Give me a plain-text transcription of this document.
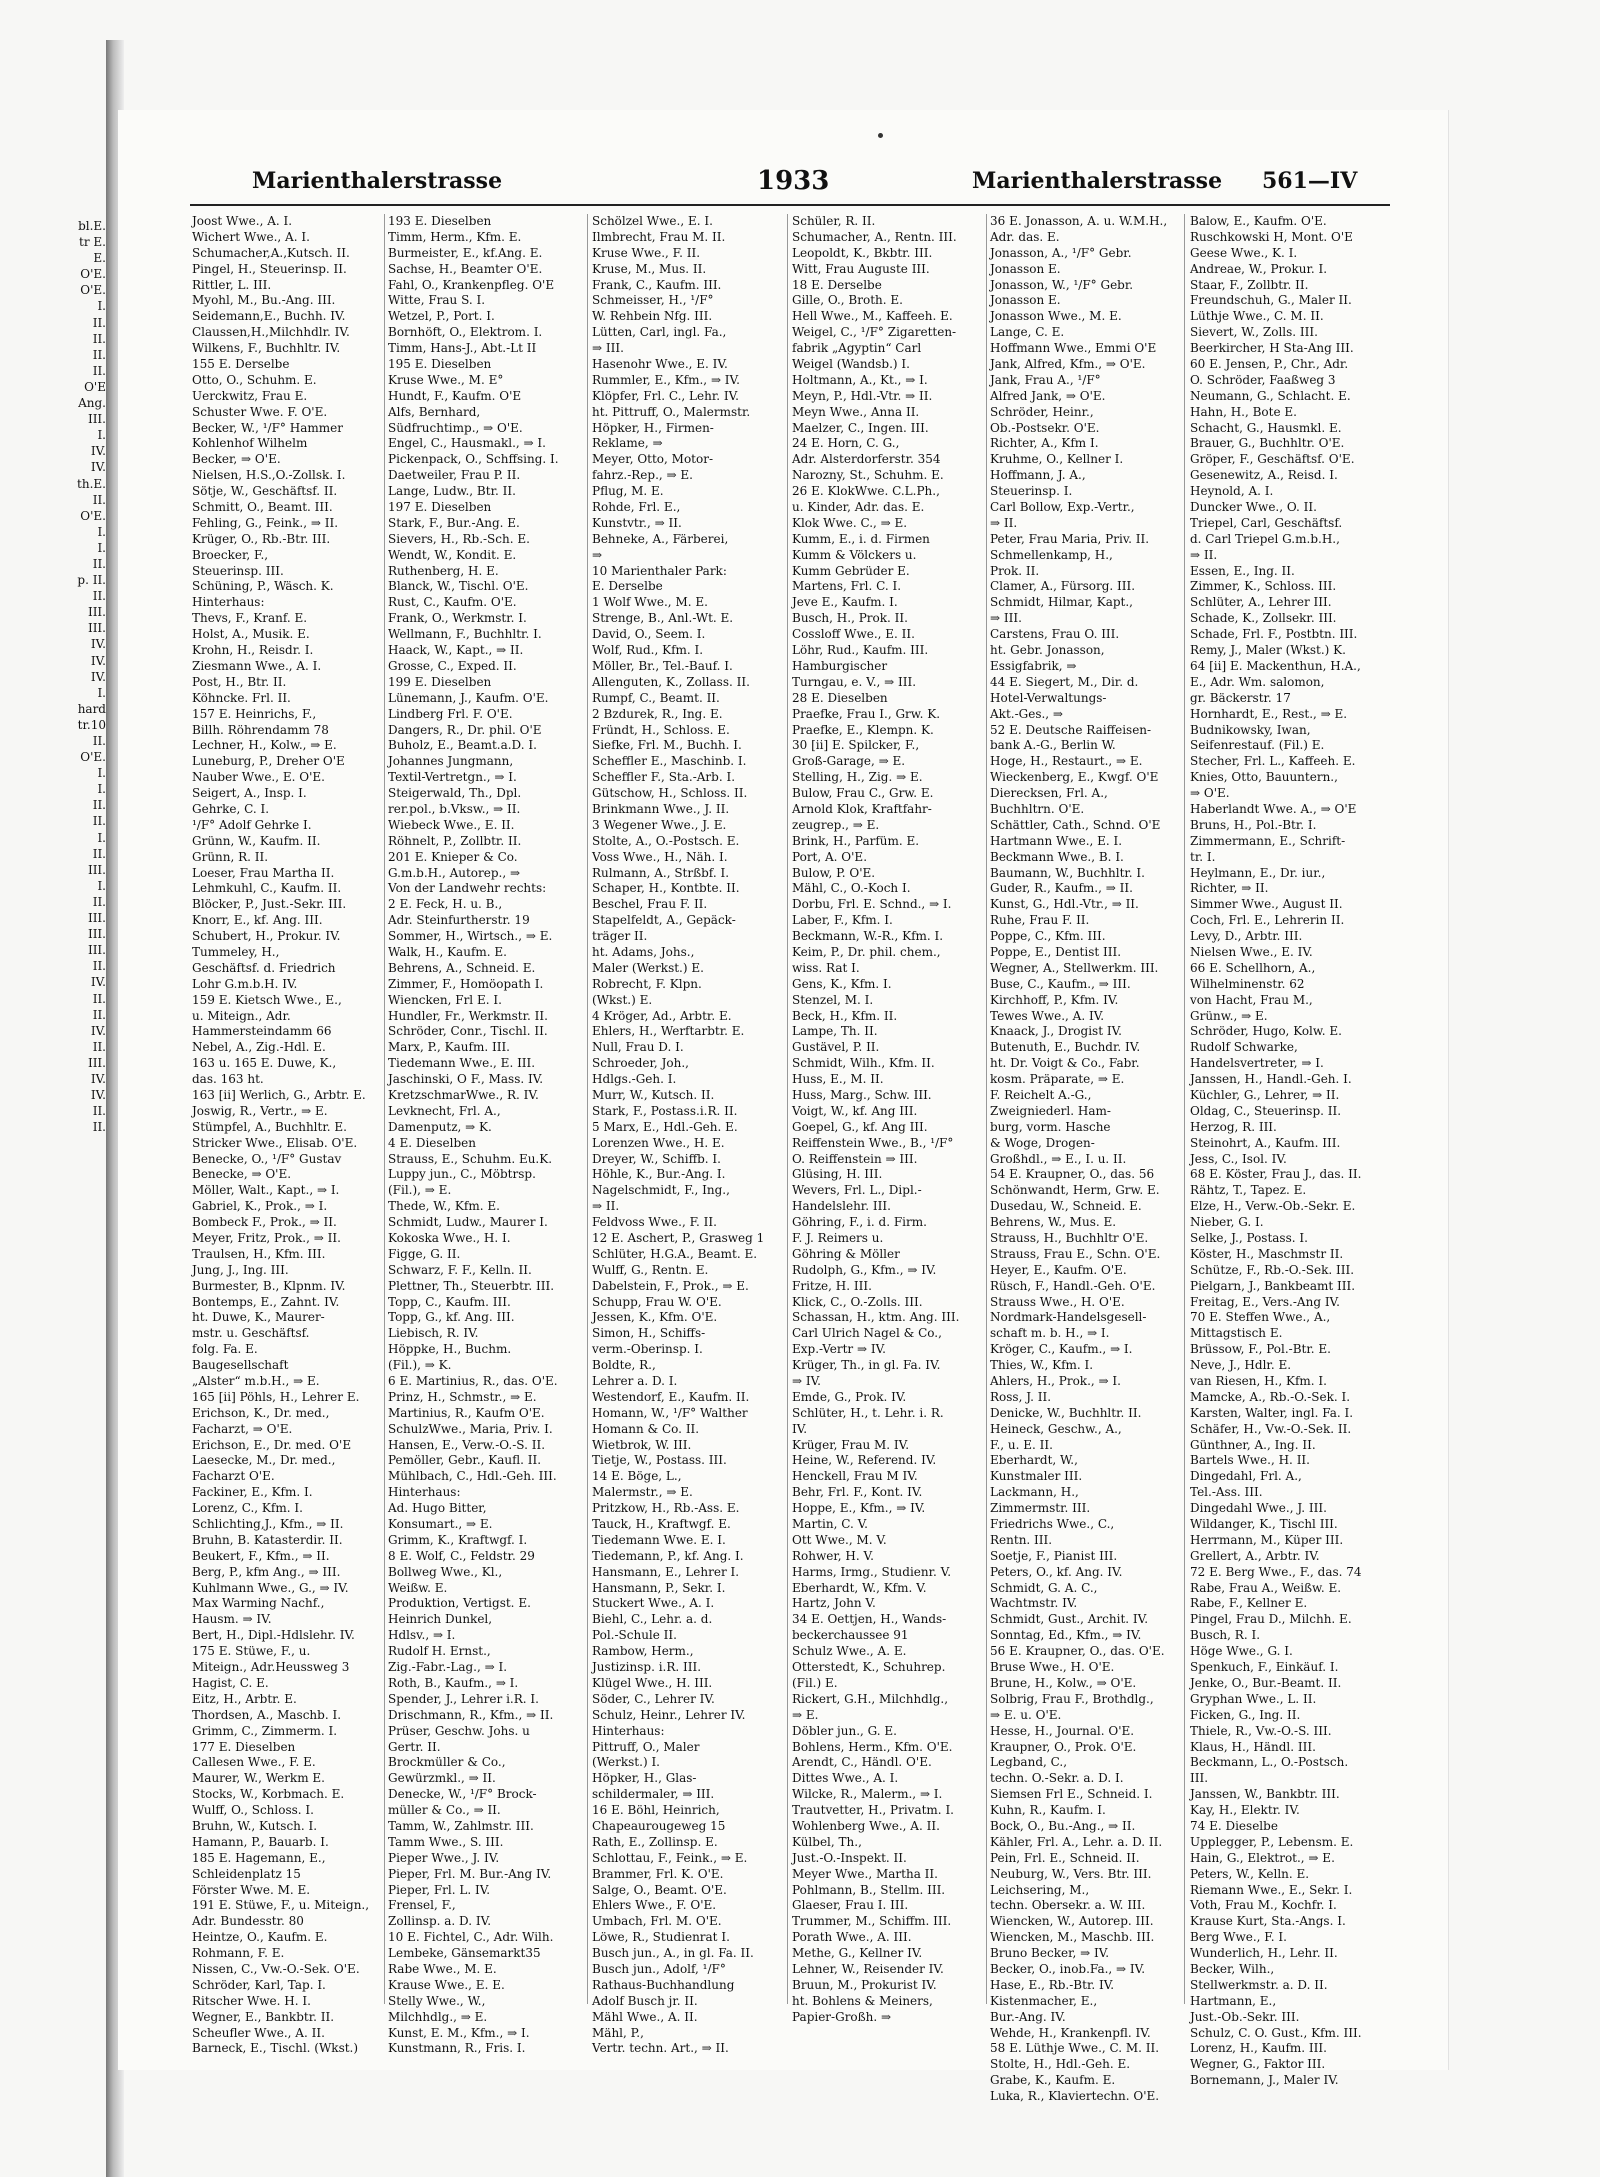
bl.E.
tr E.
E.
O'E.
O'E.
I.
II.
II.
II.
II.
O'E
Ang.
III.
I.
IV.
IV.
th.E.
II.
O'E.
I.
I.
II.
p. II.
II.
III.
III.
IV.
IV.
IV.
I.
hard
tr.10
II.
O'E.
I.
I.
II.
II.
I.
II.
III.
I.
II.
III.
III.
III.
II.
IV.
II.
II.
IV.
II.
III.
IV.
IV.
II.
II.
Marienthalerstrasse	1933	Marienthalerstrasse 561—IV
Joost Wwe., A. I.
Wichert Wwe., A. I.
Schumacher,A.,Kutsch. II.
Pingel, H., Steuerinsp. II.
Rittler, L. III.
Myohl, M., Bu.-Ang. III.
Seidemann,E., Buchh. IV.
Claussen,H.,Milchhdlr. IV.
Wilkens, F., Buchhltr. IV.
155 E. Derselbe
Otto, O., Schuhm. E.
Uerckwitz, Frau E.
Schuster Wwe. F. O'E.
Becker, W., ¹/F° Hammer
Kohlenhof Wilhelm
Becker, ⇒ O'E.
Nielsen, H.S.,O.-Zollsk. I.
Sötje, W., Geschäftsf. II.
Schmitt, O., Beamt. III.
Fehling, G., Feink., ⇒ II.
Krüger, O., Rb.-Btr. III.
Broecker, F.,
Steuerinsp. III.
Schüning, P., Wäsch. K.
Hinterhaus:
Thevs, F., Kranf. E.
Holst, A., Musik. E.
Krohn, H., Reisdr. I.
Ziesmann Wwe., A. I.
Post, H., Btr. II.
Köhncke. Frl. II.
157 E. Heinrichs, F.,
Billh. Röhrendamm 78
Lechner, H., Kolw., ⇒ E.
Luneburg, P., Dreher O'E
Nauber Wwe., E. O'E.
Seigert, A., Insp. I.
Gehrke, C. I.
¹/F° Adolf Gehrke I.
Grünn, W., Kaufm. II.
Grünn, R. II.
Loeser, Frau Martha II.
Lehmkuhl, C., Kaufm. II.
Blöcker, P., Just.-Sekr. III.
Knorr, E., kf. Ang. III.
Schubert, H., Prokur. IV.
Tummeley, H.,
Geschäftsf. d. Friedrich
Lohr G.m.b.H. IV.
159 E. Kietsch Wwe., E.,
u. Miteign., Adr.
Hammersteindamm 66
Nebel, A., Zig.-Hdl. E.
163 u. 165 E. Duwe, K.,
das. 163 ht.
163 [ii] Werlich, G., Arbtr. E.
Joswig, R., Vertr., ⇒ E.
Stümpfel, A., Buchhltr. E.
Stricker Wwe., Elisab. O'E.
Benecke, O., ¹/F° Gustav
Benecke, ⇒ O'E.
Möller, Walt., Kapt., ⇒ I.
Gabriel, K., Prok., ⇒ I.
Bombeck F., Prok., ⇒ II.
Meyer, Fritz, Prok., ⇒ II.
Traulsen, H., Kfm. III.
Jung, J., Ing. III.
Burmester, B., Klpnm. IV.
Bontemps, E., Zahnt. IV.
ht. Duwe, K., Maurer-
mstr. u. Geschäftsf.
folg. Fa. E.
Baugesellschaft
„Alster“ m.b.H., ⇒ E.
165 [ii] Pöhls, H., Lehrer E.
Erichson, K., Dr. med.,
Facharzt, ⇒ O'E.
Erichson, E., Dr. med. O'E
Laesecke, M., Dr. med.,
Facharzt O'E.
Fackiner, E., Kfm. I.
Lorenz, C., Kfm. I.
Schlichting,J., Kfm., ⇒ II.
Bruhn, B. Katasterdir. II.
Beukert, F., Kfm., ⇒ II.
Berg, P., kfm Ang., ⇒ III.
Kuhlmann Wwe., G., ⇒ IV.
Max Warming Nachf.,
Hausm. ⇒ IV.
Bert, H., Dipl.-Hdlslehr. IV.
175 E. Stüwe, F., u.
Miteign., Adr.Heussweg 3
Hagist, C. E.
Eitz, H., Arbtr. E.
Thordsen, A., Maschb. I.
Grimm, C., Zimmerm. I.
177 E. Dieselben
Callesen Wwe., F. E.
Maurer, W., Werkm E.
Stocks, W., Korbmach. E.
Wulff, O., Schloss. I.
Bruhn, W., Kutsch. I.
Hamann, P., Bauarb. I.
185 E. Hagemann, E.,
Schleidenplatz 15
Förster Wwe. M. E.
191 E. Stüwe, F., u. Miteign.,
Adr. Bundesstr. 80
Heintze, O., Kaufm. E.
Rohmann, F. E.
Nissen, C., Vw.-O.-Sek. O'E.
Schröder, Karl, Tap. I.
Ritscher Wwe. H. I.
Wegner, E., Bankbtr. II.
Scheufler Wwe., A. II.
Barneck, E., Tischl. (Wkst.)
193 E. Dieselben
Timm, Herm., Kfm. E.
Burmeister, E., kf.Ang. E.
Sachse, H., Beamter O'E.
Fahl, O., Krankenpfleg. O'E
Witte, Frau S. I.
Wetzel, P., Port. I.
Bornhöft, O., Elektrom. I.
Timm, Hans-J., Abt.-Lt II
195 E. Dieselben
Kruse Wwe., M. E°
Hundt, F., Kaufm. O'E
Alfs, Bernhard,
Südfruchtimp., ⇒ O'E.
Engel, C., Hausmakl., ⇒ I.
Pickenpack, O., Schffsing. I.
Daetweiler, Frau P. II.
Lange, Ludw., Btr. II.
197 E. Dieselben
Stark, F., Bur.-Ang. E.
Sievers, H., Rb.-Sch. E.
Wendt, W., Kondit. E.
Ruthenberg, H. E.
Blanck, W., Tischl. O'E.
Rust, C., Kaufm. O'E.
Frank, O., Werkmstr. I.
Wellmann, F., Buchhltr. I.
Haack, W., Kapt., ⇒ II.
Grosse, C., Exped. II.
199 E. Dieselben
Lünemann, J., Kaufm. O'E.
Lindberg Frl. F. O'E.
Dangers, R., Dr. phil. O'E
Buholz, E., Beamt.a.D. I.
Johannes Jungmann,
Textil-Vertretgn., ⇒ I.
Steigerwald, Th., Dpl.
rer.pol., b.Vksw., ⇒ II.
Wiebeck Wwe., E. II.
Röhnelt, P., Zollbtr. II.
201 E. Knieper & Co.
G.m.b.H., Autorep., ⇒
Von der Landwehr rechts:
2 E. Feck, H. u. B.,
Adr. Steinfurtherstr. 19
Sommer, H., Wirtsch., ⇒ E.
Walk, H., Kaufm. E.
Behrens, A., Schneid. E.
Zimmer, F., Homöopath I.
Wiencken, Frl E. I.
Hundler, Fr., Werkmstr. II.
Schröder, Conr., Tischl. II.
Marx, P., Kaufm. III.
Tiedemann Wwe., E. III.
Jaschinski, O F., Mass. IV.
KretzschmarWwe., R. IV.
Levknecht, Frl. A.,
Damenputz, ⇒ K.
4 E. Dieselben
Strauss, E., Schuhm. Eu.K.
Luppy jun., C., Möbtrsp.
(Fil.), ⇒ E.
Thede, W., Kfm. E.
Schmidt, Ludw., Maurer I.
Kokoska Wwe., H. I.
Figge, G. II.
Schwarz, F. F., Kelln. II.
Plettner, Th., Steuerbtr. III.
Topp, C., Kaufm. III.
Topp, G., kf. Ang. III.
Liebisch, R. IV.
Höppke, H., Buchm.
(Fil.), ⇒ K.
6 E. Martinius, R., das. O'E.
Prinz, H., Schmstr., ⇒ E.
Martinius, R., Kaufm O'E.
SchulzWwe., Maria, Priv. I.
Hansen, E., Verw.-O.-S. II.
Pemöller, Gebr., Kaufl. II.
Mühlbach, C., Hdl.-Geh. III.
Hinterhaus:
Ad. Hugo Bitter,
Konsumart., ⇒ E.
Grimm, K., Kraftwgf. I.
8 E. Wolf, C., Feldstr. 29
Bollweg Wwe., Kl.,
Weißw. E.
Produktion, Vertigst. E.
Heinrich Dunkel,
Hdlsv., ⇒ I.
Rudolf H. Ernst.,
Zig.-Fabr.-Lag., ⇒ I.
Roth, B., Kaufm., ⇒ I.
Spender, J., Lehrer i.R. I.
Drischmann, R., Kfm., ⇒ II.
Prüser, Geschw. Johs. u
Gertr. II.
Brockmüller & Co.,
Gewürzmkl., ⇒ II.
Denecke, W., ¹/F° Brock-
müller & Co., ⇒ II.
Tamm, W., Zahlmstr. III.
Tamm Wwe., S. III.
Pieper Wwe., J. IV.
Pieper, Frl. M. Bur.-Ang IV.
Pieper, Frl. L. IV.
Frensel, F.,
Zollinsp. a. D. IV.
10 E. Fichtel, C., Adr. Wilh.
Lembeke, Gänsemarkt35
Rabe Wwe., M. E.
Krause Wwe., E. E.
Stelly Wwe., W.,
Milchhdlg., ⇒ E.
Kunst, E. M., Kfm., ⇒ I.
Kunstmann, R., Fris. I.
Schölzel Wwe., E. I.
Ilmbrecht, Frau M. II.
Kruse Wwe., F. II.
Kruse, M., Mus. II.
Frank, C., Kaufm. III.
Schmeisser, H., ¹/F°
W. Rehbein Nfg. III.
Lütten, Carl, ingl. Fa.,
⇒ III.
Hasenohr Wwe., E. IV.
Rummler, E., Kfm., ⇒ IV.
Klöpfer, Frl. C., Lehr. IV.
ht. Pittruff, O., Malermstr.
Höpker, H., Firmen-
Reklame, ⇒
Meyer, Otto, Motor-
fahrz.-Rep., ⇒ E.
Pflug, M. E.
Rohde, Frl. E.,
Kunstvtr., ⇒ II.
Behneke, A., Färberei,
⇒
10 Marienthaler Park:
E. Derselbe
1 Wolf Wwe., M. E.
Strenge, B., Anl.-Wt. E.
David, O., Seem. I.
Wolf, Rud., Kfm. I.
Möller, Br., Tel.-Bauf. I.
Allenguten, K., Zollass. II.
Rumpf, C., Beamt. II.
2 Bzdurek, R., Ing. E.
Fründt, H., Schloss. E.
Siefke, Frl. M., Buchh. I.
Scheffler E., Maschinb. I.
Scheffler F., Sta.-Arb. I.
Gütschow, H., Schloss. II.
Brinkmann Wwe., J. II.
3 Wegener Wwe., J. E.
Stolte, A., O.-Postsch. E.
Voss Wwe., H., Näh. I.
Rulmann, A., Strßbf. I.
Schaper, H., Kontbte. II.
Beschel, Frau F. II.
Stapelfeldt, A., Gepäck-
träger II.
ht. Adams, Johs.,
Maler (Werkst.) E.
Robrecht, F. Klpn.
(Wkst.) E.
4 Kröger, Ad., Arbtr. E.
Ehlers, H., Werftarbtr. E.
Null, Frau D. I.
Schroeder, Joh.,
Hdlgs.-Geh. I.
Murr, W., Kutsch. II.
Stark, F., Postass.i.R. II.
5 Marx, E., Hdl.-Geh. E.
Lorenzen Wwe., H. E.
Dreyer, W., Schiffb. I.
Höhle, K., Bur.-Ang. I.
Nagelschmidt, F., Ing.,
⇒ II.
Feldvoss Wwe., F. II.
12 E. Aschert, P., Grasweg 1
Schlüter, H.G.A., Beamt. E.
Wulff, G., Rentn. E.
Dabelstein, F., Prok., ⇒ E.
Schupp, Frau W. O'E.
Jessen, K., Kfm. O'E.
Simon, H., Schiffs-
verm.-Oberinsp. I.
Boldte, R.,
Lehrer a. D. I.
Westendorf, E., Kaufm. II.
Homann, W., ¹/F° Walther
Homann & Co. II.
Wietbrok, W. III.
Tietje, W., Postass. III.
14 E. Böge, L.,
Malermstr., ⇒ E.
Pritzkow, H., Rb.-Ass. E.
Tauck, H., Kraftwgf. E.
Tiedemann Wwe. E. I.
Tiedemann, P., kf. Ang. I.
Hansmann, E., Lehrer I.
Hansmann, P., Sekr. I.
Stuckert Wwe., A. I.
Biehl, C., Lehr. a. d.
Pol.-Schule II.
Rambow, Herm.,
Justizinsp. i.R. III.
Klügel Wwe., H. III.
Söder, C., Lehrer IV.
Schulz, Heinr., Lehrer IV.
Hinterhaus:
Pittruff, O., Maler
(Werkst.) I.
Höpker, H., Glas-
schildermaler, ⇒ III.
16 E. Böhl, Heinrich,
Chapeaurougeweg 15
Rath, E., Zollinsp. E.
Schlottau, F., Feink., ⇒ E.
Brammer, Frl. K. O'E.
Salge, O., Beamt. O'E.
Ehlers Wwe., F. O'E.
Umbach, Frl. M. O'E.
Löwe, R., Studienrat I.
Busch jun., A., in gl. Fa. II.
Busch jun., Adolf, ¹/F°
Rathaus-Buchhandlung
Adolf Busch jr. II.
Mähl Wwe., A. II.
Mähl, P.,
Vertr. techn. Art., ⇒ II.
Schüler, R. II.
Schumacher, A., Rentn. III.
Leopoldt, K., Bkbtr. III.
Witt, Frau Auguste III.
18 E. Derselbe
Gille, O., Broth. E.
Hell Wwe., M., Kaffeeh. E.
Weigel, C., ¹/F° Zigaretten-
fabrik „Agyptin“ Carl
Weigel (Wandsb.) I.
Holtmann, A., Kt., ⇒ I.
Meyn, P., Hdl.-Vtr. ⇒ II.
Meyn Wwe., Anna II.
Maelzer, C., Ingen. III.
24 E. Horn, C. G.,
Adr. Alsterdorferstr. 354
Narozny, St., Schuhm. E.
26 E. KlokWwe. C.L.Ph.,
u. Kinder, Adr. das. E.
Klok Wwe. C., ⇒ E.
Kumm, E., i. d. Firmen
Kumm & Völckers u.
Kumm Gebrüder E.
Martens, Frl. C. I.
Jeve E., Kaufm. I.
Busch, H., Prok. II.
Cossloff Wwe., E. II.
Löhr, Rud., Kaufm. III.
Hamburgischer
Turngau, e. V., ⇒ III.
28 E. Dieselben
Praefke, Frau I., Grw. K.
Praefke, E., Klempn. K.
30 [ii] E. Spilcker, F.,
Groß-Garage, ⇒ E.
Stelling, H., Zig. ⇒ E.
Bulow, Frau C., Grw. E.
Arnold Klok, Kraftfahr-
zeugrep., ⇒ E.
Brink, H., Parfüm. E.
Port, A. O'E.
Bulow, P. O'E.
Mähl, C., O.-Koch I.
Dorbu, Frl. E. Schnd., ⇒ I.
Laber, F., Kfm. I.
Beckmann, W.-R., Kfm. I.
Keim, P., Dr. phil. chem.,
wiss. Rat I.
Gens, K., Kfm. I.
Stenzel, M. I.
Beck, H., Kfm. II.
Lampe, Th. II.
Gustävel, P. II.
Schmidt, Wilh., Kfm. II.
Huss, E., M. II.
Huss, Marg., Schw. III.
Voigt, W., kf. Ang III.
Goepel, G., kf. Ang III.
Reiffenstein Wwe., B., ¹/F°
O. Reiffenstein ⇒ III.
Glüsing, H. III.
Wevers, Frl. L., Dipl.-
Handelslehr. III.
Göhring, F., i. d. Firm.
F. J. Reimers u.
Göhring & Möller
Rudolph, G., Kfm., ⇒ IV.
Fritze, H. III.
Klick, C., O.-Zolls. III.
Schassan, H., ktm. Ang. III.
Carl Ulrich Nagel & Co.,
Exp.-Vertr ⇒ IV.
Krüger, Th., in gl. Fa. IV.
⇒ IV.
Emde, G., Prok. IV.
Schlüter, H., t. Lehr. i. R.
IV.
Krüger, Frau M. IV.
Heine, W., Referend. IV.
Henckell, Frau M IV.
Behr, Frl. F., Kont. IV.
Hoppe, E., Kfm., ⇒ IV.
Martin, C. V.
Ott Wwe., M. V.
Rohwer, H. V.
Harms, Irmg., Studienr. V.
Eberhardt, W., Kfm. V.
Hartz, John V.
34 E. Oettjen, H., Wands-
beckerchaussee 91
Schulz Wwe., A. E.
Otterstedt, K., Schuhrep.
(Fil.) E.
Rickert, G.H., Milchhdlg.,
⇒ E.
Döbler jun., G. E.
Bohlens, Herm., Kfm. O'E.
Arendt, C., Händl. O'E.
Dittes Wwe., A. I.
Wilcke, R., Malerm., ⇒ I.
Trautvetter, H., Privatm. I.
Wohlenberg Wwe., A. II.
Külbel, Th.,
Just.-O.-Inspekt. II.
Meyer Wwe., Martha II.
Pohlmann, B., Stellm. III.
Glaeser, Frau I. III.
Trummer, M., Schiffm. III.
Porath Wwe., A. III.
Methe, G., Kellner IV.
Lehner, W., Reisender IV.
Bruun, M., Prokurist IV.
ht. Bohlens & Meiners,
Papier-Großh. ⇒
36 E. Jonasson, A. u. W.M.H.,
Adr. das. E.
Jonasson, A., ¹/F° Gebr.
Jonasson E.
Jonasson, W., ¹/F° Gebr.
Jonasson E.
Jonasson Wwe., M. E.
Lange, C. E.
Hoffmann Wwe., Emmi O'E
Jank, Alfred, Kfm., ⇒ O'E.
Jank, Frau A., ¹/F°
Alfred Jank, ⇒ O'E.
Schröder, Heinr.,
Ob.-Postsekr. O'E.
Richter, A., Kfm I.
Kruhme, O., Kellner I.
Hoffmann, J. A.,
Steuerinsp. I.
Carl Bollow, Exp.-Vertr.,
⇒ II.
Peter, Frau Maria, Priv. II.
Schmellenkamp, H.,
Prok. II.
Clamer, A., Fürsorg. III.
Schmidt, Hilmar, Kapt.,
⇒ III.
Carstens, Frau O. III.
ht. Gebr. Jonasson,
Essigfabrik, ⇒
44 E. Siegert, M., Dir. d.
Hotel-Verwaltungs-
Akt.-Ges., ⇒
52 E. Deutsche Raiffeisen-
bank A.-G., Berlin W.
Hoge, H., Restaurt., ⇒ E.
Wieckenberg, E., Kwgf. O'E
Dierecksen, Frl. A.,
Buchhltrn. O'E.
Schättler, Cath., Schnd. O'E
Hartmann Wwe., E. I.
Beckmann Wwe., B. I.
Baumann, W., Buchhltr. I.
Guder, R., Kaufm., ⇒ II.
Kunst, G., Hdl.-Vtr., ⇒ II.
Ruhe, Frau F. II.
Poppe, C., Kfm. III.
Poppe, E., Dentist III.
Wegner, A., Stellwerkm. III.
Buse, C., Kaufm., ⇒ III.
Kirchhoff, P., Kfm. IV.
Tewes Wwe., A. IV.
Knaack, J., Drogist IV.
Butenuth, E., Buchdr. IV.
ht. Dr. Voigt & Co., Fabr.
kosm. Präparate, ⇒ E.
F. Reichelt A.-G.,
Zweigniederl. Ham-
burg, vorm. Hasche
& Woge, Drogen-
Großhdl., ⇒ E., I. u. II.
54 E. Kraupner, O., das. 56
Schönwandt, Herm, Grw. E.
Dusedau, W., Schneid. E.
Behrens, W., Mus. E.
Strauss, H., Buchhltr O'E.
Strauss, Frau E., Schn. O'E.
Heyer, E., Kaufm. O'E.
Rüsch, F., Handl.-Geh. O'E.
Strauss Wwe., H. O'E.
Nordmark-Handelsgesell-
schaft m. b. H., ⇒ I.
Kröger, C., Kaufm., ⇒ I.
Thies, W., Kfm. I.
Ahlers, H., Prok., ⇒ I.
Ross, J. II.
Denicke, W., Buchhltr. II.
Heineck, Geschw., A.,
F., u. E. II.
Eberhardt, W.,
Kunstmaler III.
Lackmann, H.,
Zimmermstr. III.
Friedrichs Wwe., C.,
Rentn. III.
Soetje, F., Pianist III.
Peters, O., kf. Ang. IV.
Schmidt, G. A. C.,
Wachtmstr. IV.
Schmidt, Gust., Archit. IV.
Sonntag, Ed., Kfm., ⇒ IV.
56 E. Kraupner, O., das. O'E.
Bruse Wwe., H. O'E.
Brune, H., Kolw., ⇒ O'E.
Solbrig, Frau F., Brothdlg.,
⇒ E. u. O'E.
Hesse, H., Journal. O'E.
Kraupner, O., Prok. O'E.
Legband, C.,
techn. O.-Sekr. a. D. I.
Siemsen Frl E., Schneid. I.
Kuhn, R., Kaufm. I.
Bock, O., Bu.-Ang., ⇒ II.
Kähler, Frl. A., Lehr. a. D. II.
Pein, Frl. E., Schneid. II.
Neuburg, W., Vers. Btr. III.
Leichsering, M.,
techn. Obersekr. a. W. III.
Wiencken, W., Autorep. III.
Wiencken, M., Maschb. III.
Bruno Becker, ⇒ IV.
Becker, O., inob.Fa., ⇒ IV.
Hase, E., Rb.-Btr. IV.
Kistenmacher, E.,
Bur.-Ang. IV.
Wehde, H., Krankenpfl. IV.
58 E. Lüthje Wwe., C. M. II.
Stolte, H., Hdl.-Geh. E.
Grabe, K., Kaufm. E.
Luka, R., Klaviertechn. O'E.
Balow, E., Kaufm. O'E.
Ruschkowski H, Mont. O'E
Geese Wwe., K. I.
Andreae, W., Prokur. I.
Staar, F., Zollbtr. II.
Freundschuh, G., Maler II.
Lüthje Wwe., C. M. II.
Sievert, W., Zolls. III.
Beerkircher, H Sta-Ang III.
60 E. Jensen, P., Chr., Adr.
O. Schröder, Faaßweg 3
Neumann, G., Schlacht. E.
Hahn, H., Bote E.
Schacht, G., Hausmkl. E.
Brauer, G., Buchhltr. O'E.
Gröper, F., Geschäftsf. O'E.
Gesenewitz, A., Reisd. I.
Heynold, A. I.
Duncker Wwe., O. II.
Triepel, Carl, Geschäftsf.
d. Carl Triepel G.m.b.H.,
⇒ II.
Essen, E., Ing. II.
Zimmer, K., Schloss. III.
Schlüter, A., Lehrer III.
Schade, K., Zollsekr. III.
Schade, Frl. F., Postbtn. III.
Remy, J., Maler (Wkst.) K.
64 [ii] E. Mackenthun, H.A.,
E., Adr. Wm. salomon,
gr. Bäckerstr. 17
Hornhardt, E., Rest., ⇒ E.
Budnikowsky, Iwan,
Seifenrestauf. (Fil.) E.
Stecher, Frl. L., Kaffeeh. E.
Knies, Otto, Bauuntern.,
⇒ O'E.
Haberlandt Wwe. A., ⇒ O'E
Bruns, H., Pol.-Btr. I.
Zimmermann, E., Schrift-
tr. I.
Heylmann, E., Dr. iur.,
Richter, ⇒ II.
Simmer Wwe., August II.
Coch, Frl. E., Lehrerin II.
Levy, D., Arbtr. III.
Nielsen Wwe., E. IV.
66 E. Schellhorn, A.,
Wilhelminenstr. 62
von Hacht, Frau M.,
Grünw., ⇒ E.
Schröder, Hugo, Kolw. E.
Rudolf Schwarke,
Handelsvertreter, ⇒ I.
Janssen, H., Handl.-Geh. I.
Küchler, G., Lehrer, ⇒ II.
Oldag, C., Steuerinsp. II.
Herzog, R. III.
Steinohrt, A., Kaufm. III.
Jess, C., Isol. IV.
68 E. Köster, Frau J., das. II.
Rähtz, T., Tapez. E.
Elze, H., Verw.-Ob.-Sekr. E.
Nieber, G. I.
Selke, J., Postass. I.
Köster, H., Maschmstr II.
Schütze, F., Rb.-O.-Sek. III.
Pielgarn, J., Bankbeamt III.
Freitag, E., Vers.-Ang IV.
70 E. Steffen Wwe., A.,
Mittagstisch E.
Brüssow, F., Pol.-Btr. E.
Neve, J., Hdlr. E.
van Riesen, H., Kfm. I.
Mamcke, A., Rb.-O.-Sek. I.
Karsten, Walter, ingl. Fa. I.
Schäfer, H., Vw.-O.-Sek. II.
Günthner, A., Ing. II.
Bartels Wwe., H. II.
Dingedahl, Frl. A.,
Tel.-Ass. III.
Dingedahl Wwe., J. III.
Wildanger, K., Tischl III.
Herrmann, M., Küper III.
Grellert, A., Arbtr. IV.
72 E. Berg Wwe., F., das. 74
Rabe, Frau A., Weißw. E.
Rabe, F., Kellner E.
Pingel, Frau D., Milchh. E.
Busch, R. I.
Höge Wwe., G. I.
Spenkuch, F., Einkäuf. I.
Jenke, O., Bur.-Beamt. II.
Gryphan Wwe., L. II.
Ficken, G., Ing. II.
Thiele, R., Vw.-O.-S. III.
Klaus, H., Händl. III.
Beckmann, L., O.-Postsch.
III.
Janssen, W., Bankbtr. III.
Kay, H., Elektr. IV.
74 E. Dieselbe
Upplegger, P., Lebensm. E.
Hain, G., Elektrot., ⇒ E.
Peters, W., Kelln. E.
Riemann Wwe., E., Sekr. I.
Voth, Frau M., Kochfr. I.
Krause Kurt, Sta.-Angs. I.
Berg Wwe., F. I.
Wunderlich, H., Lehr. II.
Becker, Wilh.,
Stellwerkmstr. a. D. II.
Hartmann, E.,
Just.-Ob.-Sekr. III.
Schulz, C. O. Gust., Kfm. III.
Lorenz, H., Kaufm. III.
Wegner, G., Faktor III.
Bornemann, J., Maler IV.
